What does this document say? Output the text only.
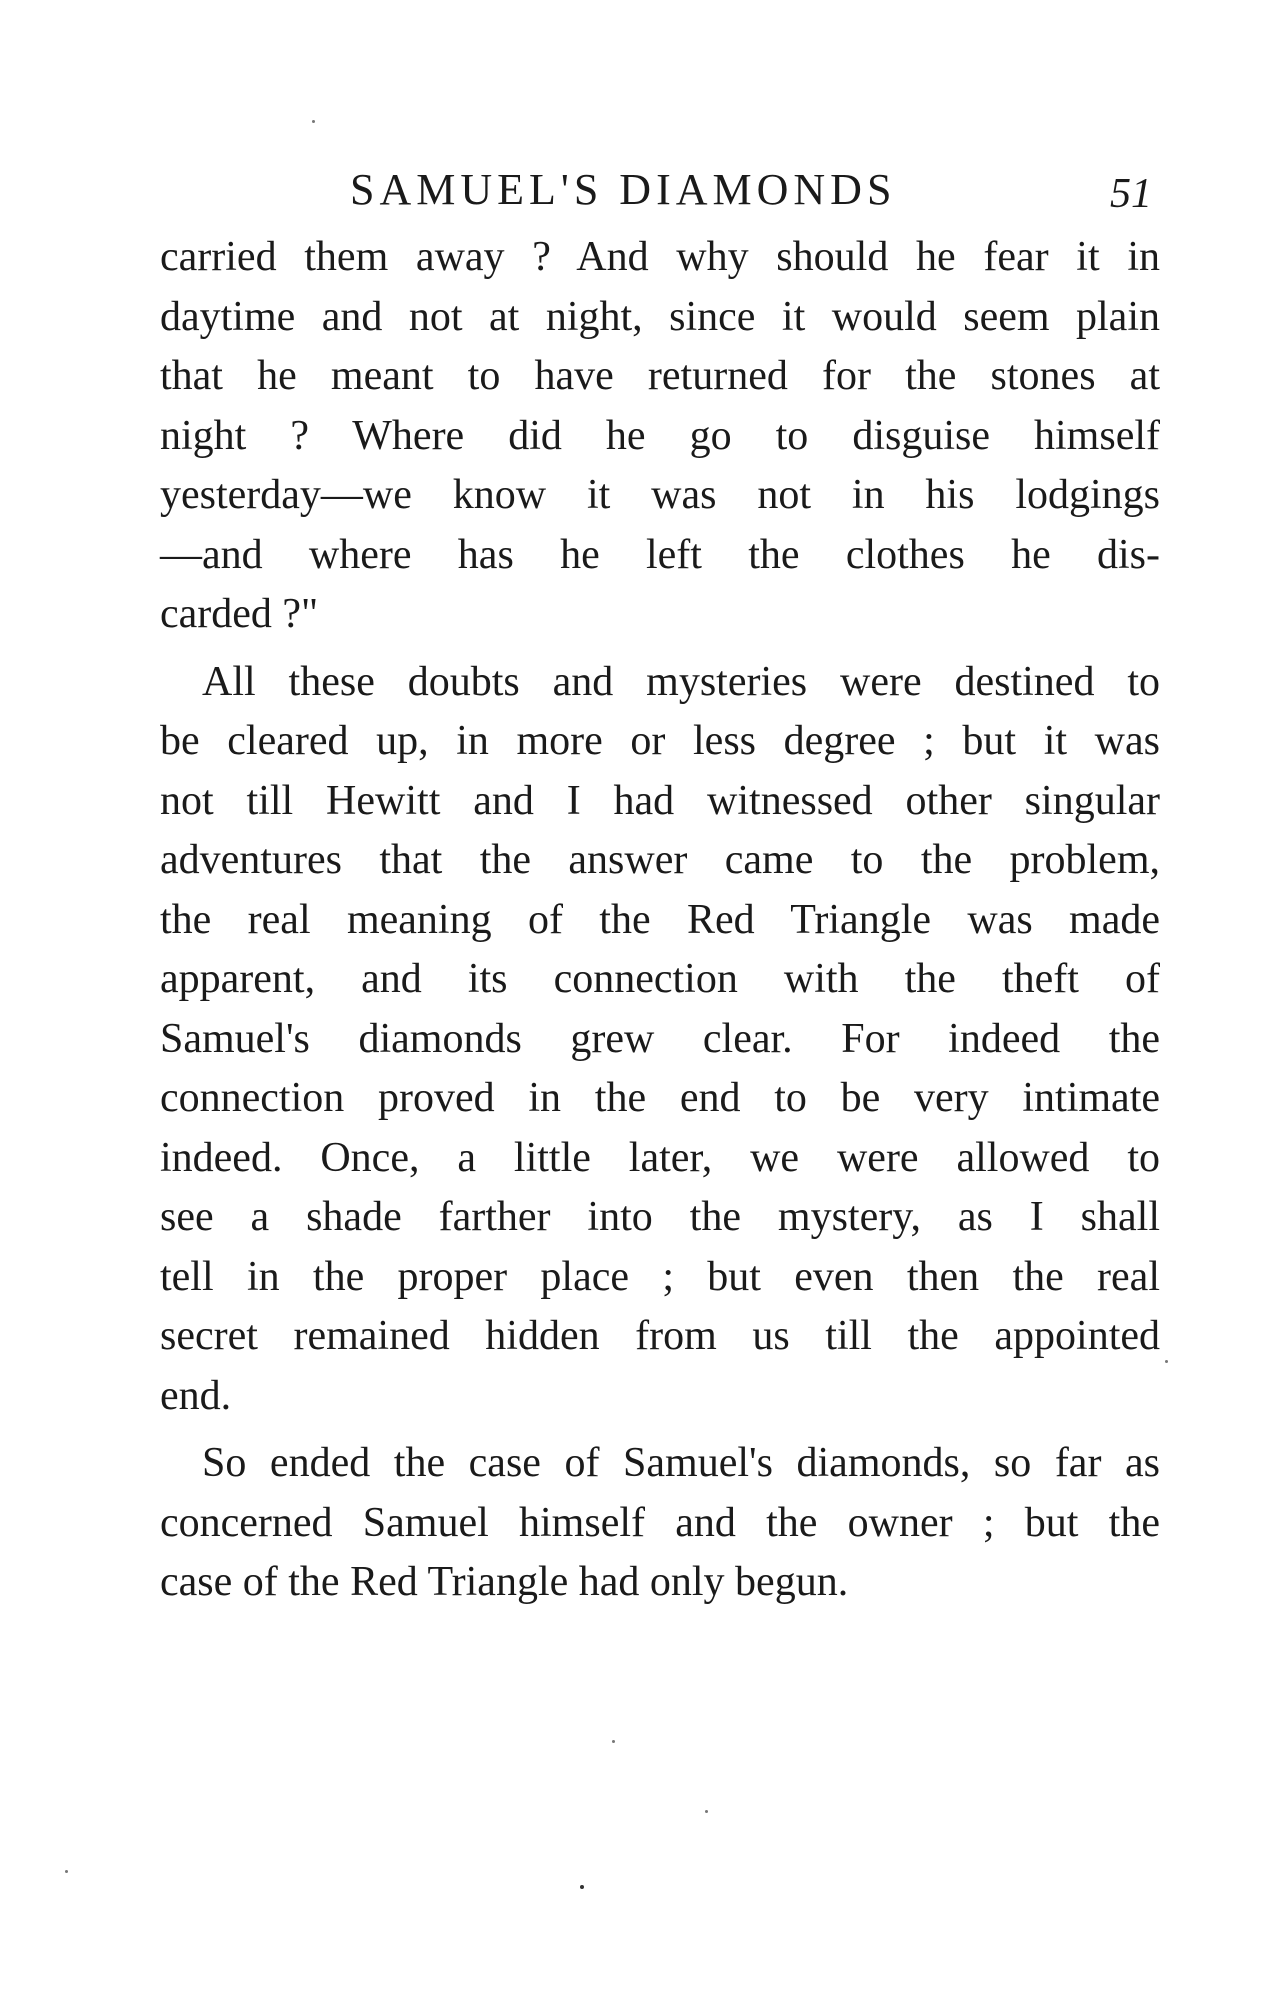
SAMUEL'S DIAMONDS	51
carried them away ? And why should he fear it in
daytime and not at night, since it would seem plain
that he meant to have returned for the stones at
night ? Where did he go to disguise himself
yesterday—we know it was not in his lodgings
—and where has he left the clothes he dis-
carded ?"
All these doubts and mysteries were destined to
be cleared up, in more or less degree ; but it was
not till Hewitt and I had witnessed other singular
adventures that the answer came to the problem,
the real meaning of the Red Triangle was made
apparent, and its connection with the theft of
Samuel's diamonds grew clear. For indeed the
connection proved in the end to be very intimate
indeed. Once, a little later, we were allowed to
see a shade farther into the mystery, as I shall
tell in the proper place ; but even then the real
secret remained hidden from us till the appointed
end.
So ended the case of Samuel's diamonds, so far as
concerned Samuel himself and the owner ; but the
case of the Red Triangle had only begun.
